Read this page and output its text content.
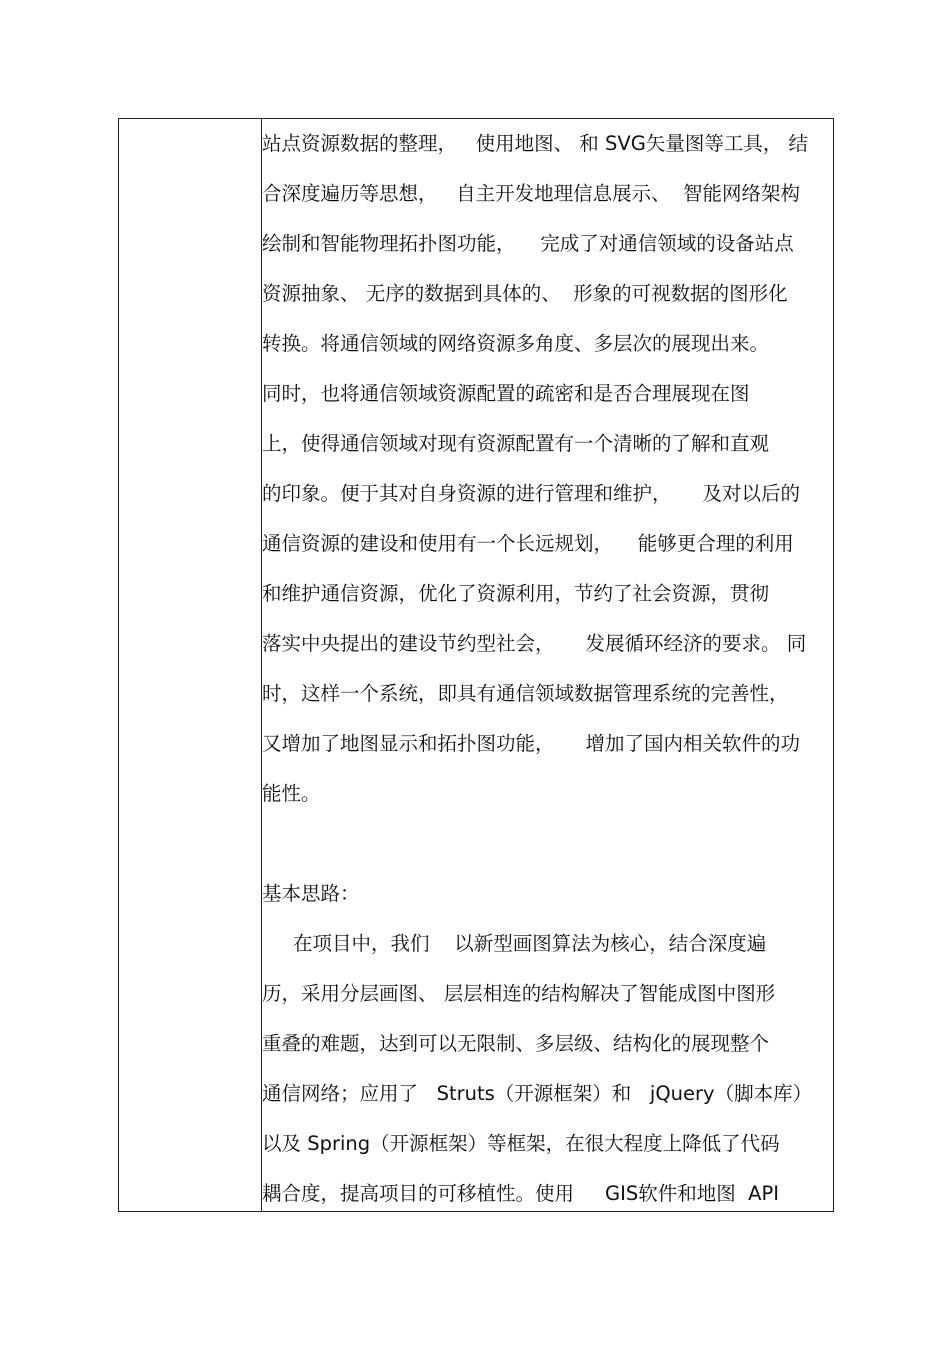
站点资源数据的整理，   使用地图、 和 SVG矢量图等工具， 结
合深度遍历等思想，   自主开发地理信息展示、  智能网络架构
绘制和智能物理拓扑图功能，    完成了对通信领域的设备站点
资源抽象、 无序的数据到具体的、  形象的可视数据的图形化
转换。将通信领域的网络资源多角度、多层次的展现出来。
同时，也将通信领域资源配置的疏密和是否合理展现在图
上，使得通信领域对现有资源配置有一个清晰的了解和直观
的印象。便于其对自身资源的进行管理和维护，     及对以后的
通信资源的建设和使用有一个长远规划，    能够更合理的利用
和维护通信资源，优化了资源利用，节约了社会资源，贯彻
落实中央提出的建设节约型社会，     发展循环经济的要求。 同
时，这样一个系统，即具有通信领域数据管理系统的完善性，
又增加了地图显示和拓扑图功能，     增加了国内相关软件的功
能性。
基本思路：
在项目中，我们    以新型画图算法为核心，结合深度遍
历，采用分层画图、 层层相连的结构解决了智能成图中图形
重叠的难题，达到可以无限制、多层级、结构化的展现整个
通信网络；应用了   Struts（开源框架）和   jQuery（脚本库）
以及 Spring（开源框架）等框架，在很大程度上降低了代码
耦合度，提高项目的可移植性。使用     GIS软件和地图  API
